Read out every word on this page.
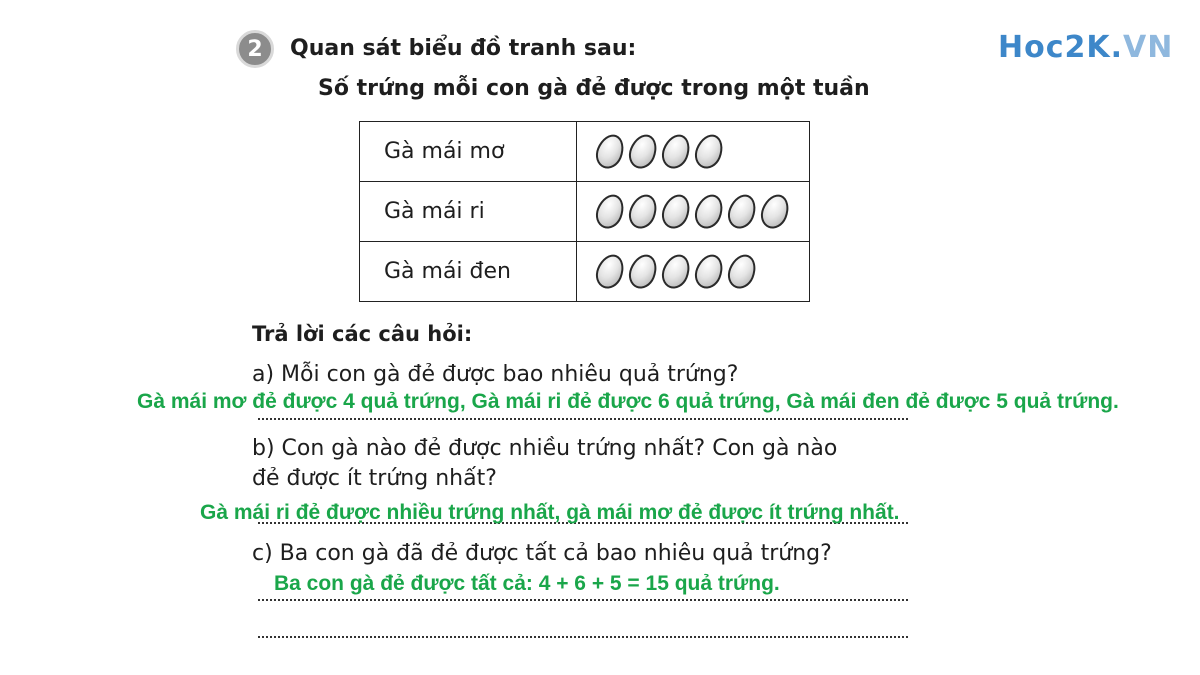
2	Quan sát biểu đồ tranh sau:	Hoc2K.VN
Số trứng mỗi con gà đẻ được trong một tuần
Gà mái mơ	

Gà mái ri	

Gà mái đen	
Trả lời các câu hỏi:
a) Mỗi con gà đẻ được bao nhiêu quả trứng?
Gà mái mơ đẻ được 4 quả trứng, Gà mái ri đẻ được 6 quả trứng, Gà mái đen đẻ được 5 quả trứng.
b) Con gà nào đẻ được nhiều trứng nhất? Con gà nào
đẻ được ít trứng nhất?
Gà mái ri đẻ được nhiều trứng nhất, gà mái mơ đẻ được ít trứng nhất.
c) Ba con gà đã đẻ được tất cả bao nhiêu quả trứng?
Ba con gà đẻ được tất cả: 4 + 6 + 5 = 15 quả trứng.
